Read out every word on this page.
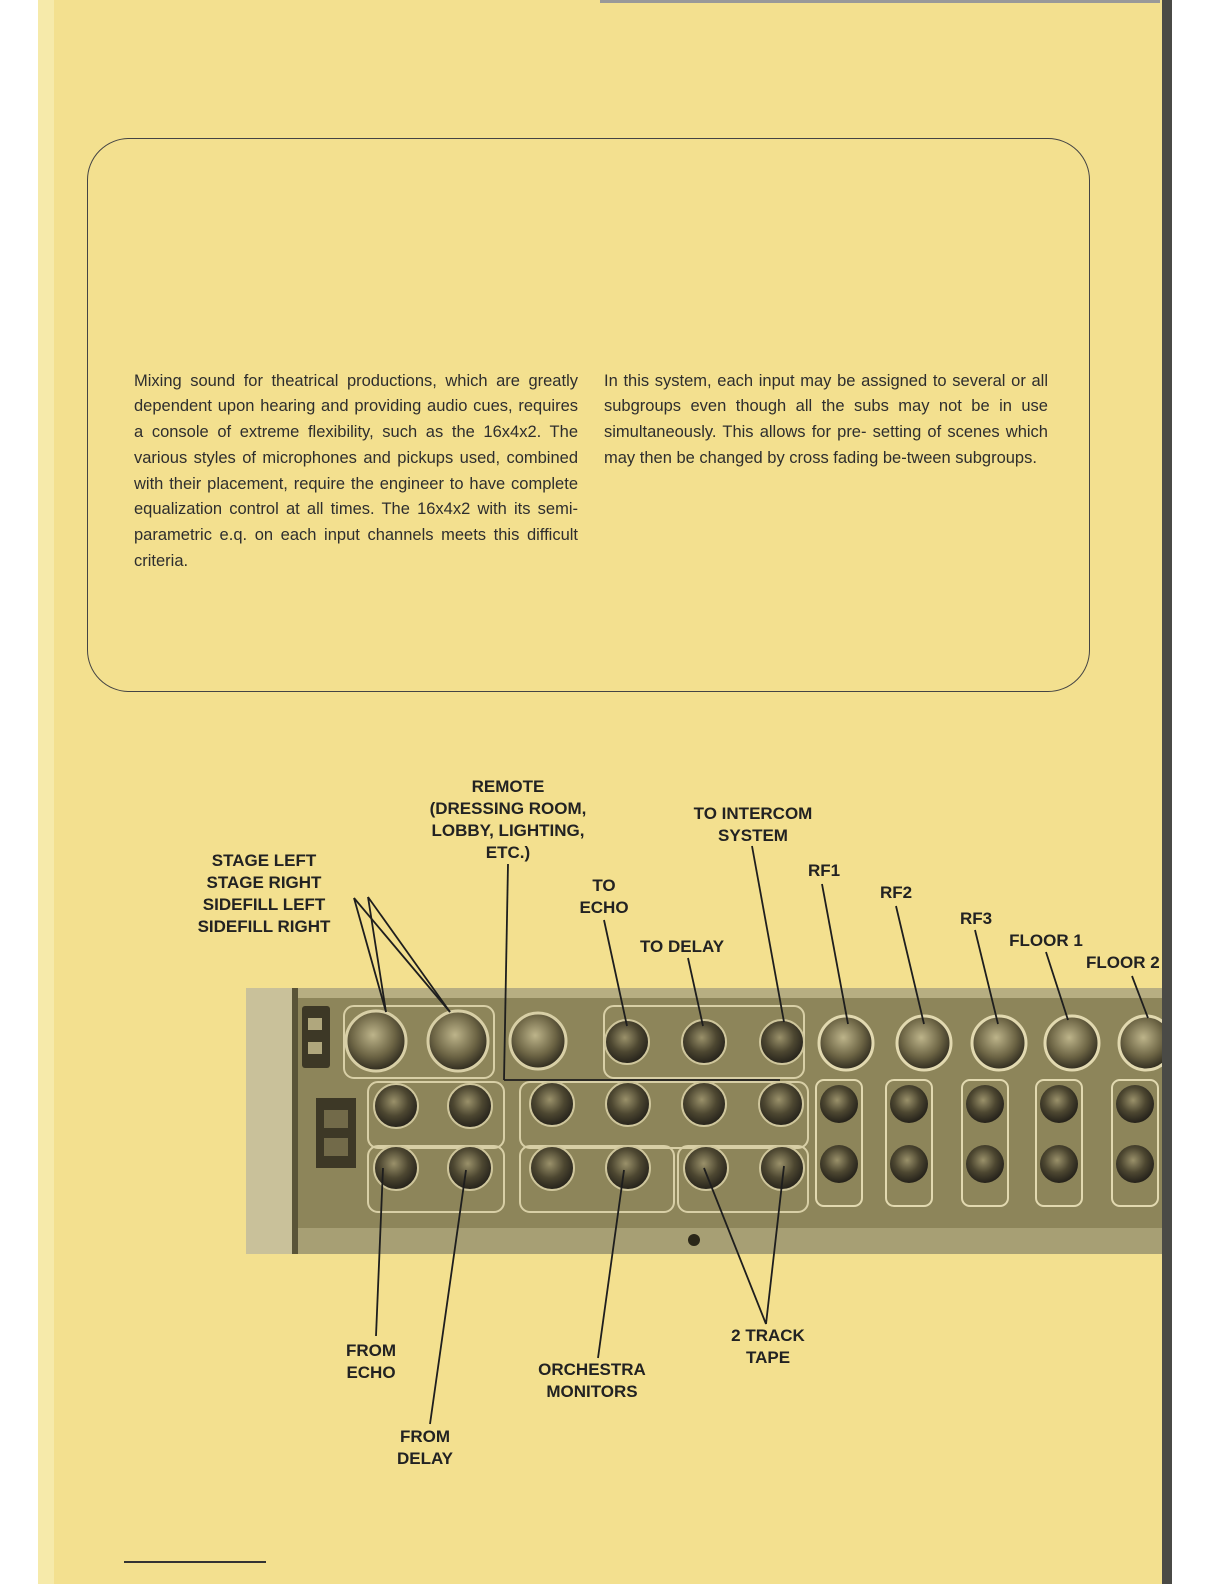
Mixing sound for theatrical productions, which are greatly dependent upon hearing and providing audio cues, requires a console of extreme flexibility, such as the 16x4x2. The various styles of microphones and pickups used, combined with their placement, require the engineer to have complete equalization control at all times. The 16x4x2 with its semi-parametric e.q. on each input channels meets this difficult criteria.

In this system, each input may be assigned to several or all subgroups even though all the subs may not be in use simultaneously. This allows for pre- setting of scenes which may then be changed by cross fading be-tween subgroups.

REMOTE
(DRESSING ROOM,
LOBBY, LIGHTING,
ETC.)
STAGE LEFT
STAGE RIGHT
SIDEFILL LEFT
SIDEFILL RIGHT
TO INTERCOM
SYSTEM
TO
ECHO
TO DELAY
RF1
RF2
RF3
FLOOR 1
FLOOR 2
FROM
ECHO
FROM
DELAY
ORCHESTRA
MONITORS
2 TRACK
TAPE
